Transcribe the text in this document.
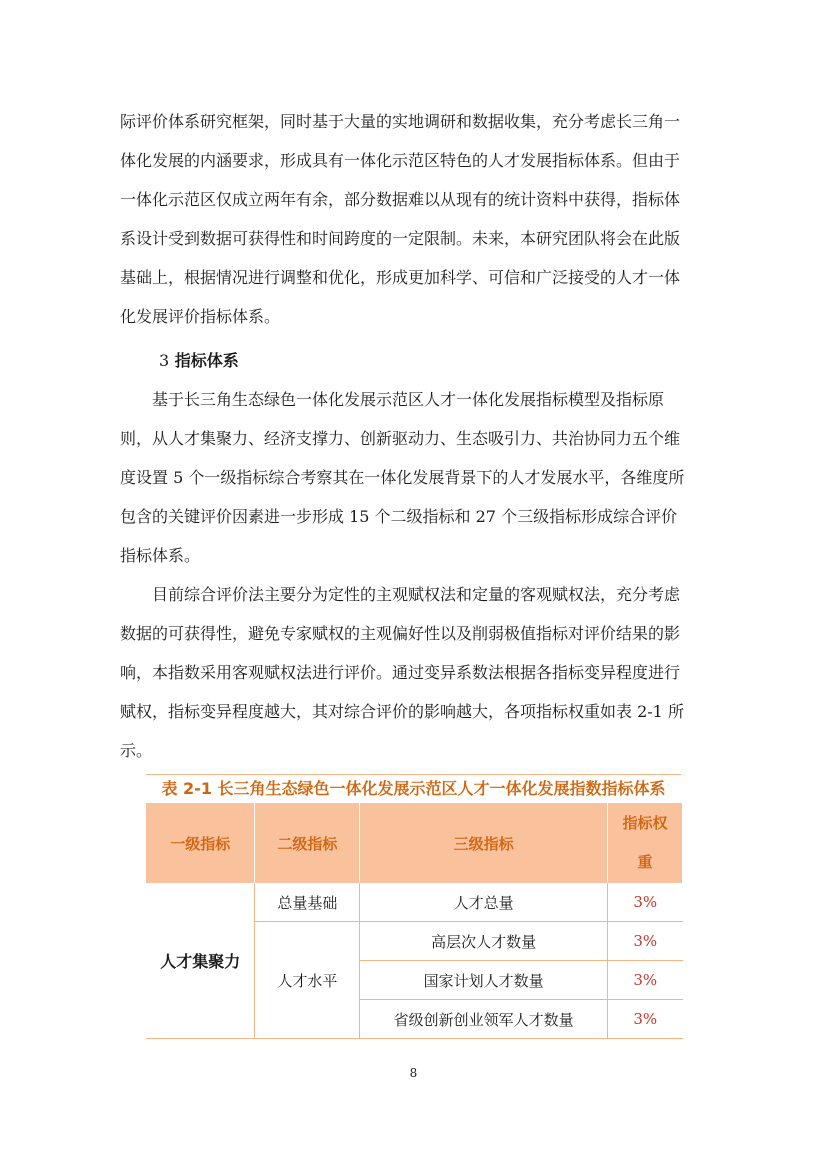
际评价体系研究框架，同时基于大量的实地调研和数据收集，充分考虑长三角一
体化发展的内涵要求，形成具有一体化示范区特色的人才发展指标体系。但由于
一体化示范区仅成立两年有余，部分数据难以从现有的统计资料中获得，指标体
系设计受到数据可获得性和时间跨度的一定限制。未来，本研究团队将会在此版
基础上，根据情况进行调整和优化，形成更加科学、可信和广泛接受的人才一体
化发展评价指标体系。
3 指标体系
　　基于长三角生态绿色一体化发展示范区人才一体化发展指标模型及指标原
则，从人才集聚力、经济支撑力、创新驱动力、生态吸引力、共治协同力五个维
度设置 5 个一级指标综合考察其在一体化发展背景下的人才发展水平，各维度所
包含的关键评价因素进一步形成 15 个二级指标和 27 个三级指标形成综合评价
指标体系。
　　目前综合评价法主要分为定性的主观赋权法和定量的客观赋权法，充分考虑
数据的可获得性，避免专家赋权的主观偏好性以及削弱极值指标对评价结果的影
响，本指数采用客观赋权法进行评价。通过变异系数法根据各指标变异程度进行
赋权，指标变异程度越大，其对综合评价的影响越大，各项指标权重如表 2-1 所
示。
表 2-1 长三角生态绿色一体化发展示范区人才一体化发展指数指标体系
一级指标	二级指标	三级指标	指标权
重
人才集聚力	总量基础	人才总量	3%
	人才水平	高层次人才数量	3%
		国家计划人才数量	3%
		省级创新创业领军人才数量	3%
8
